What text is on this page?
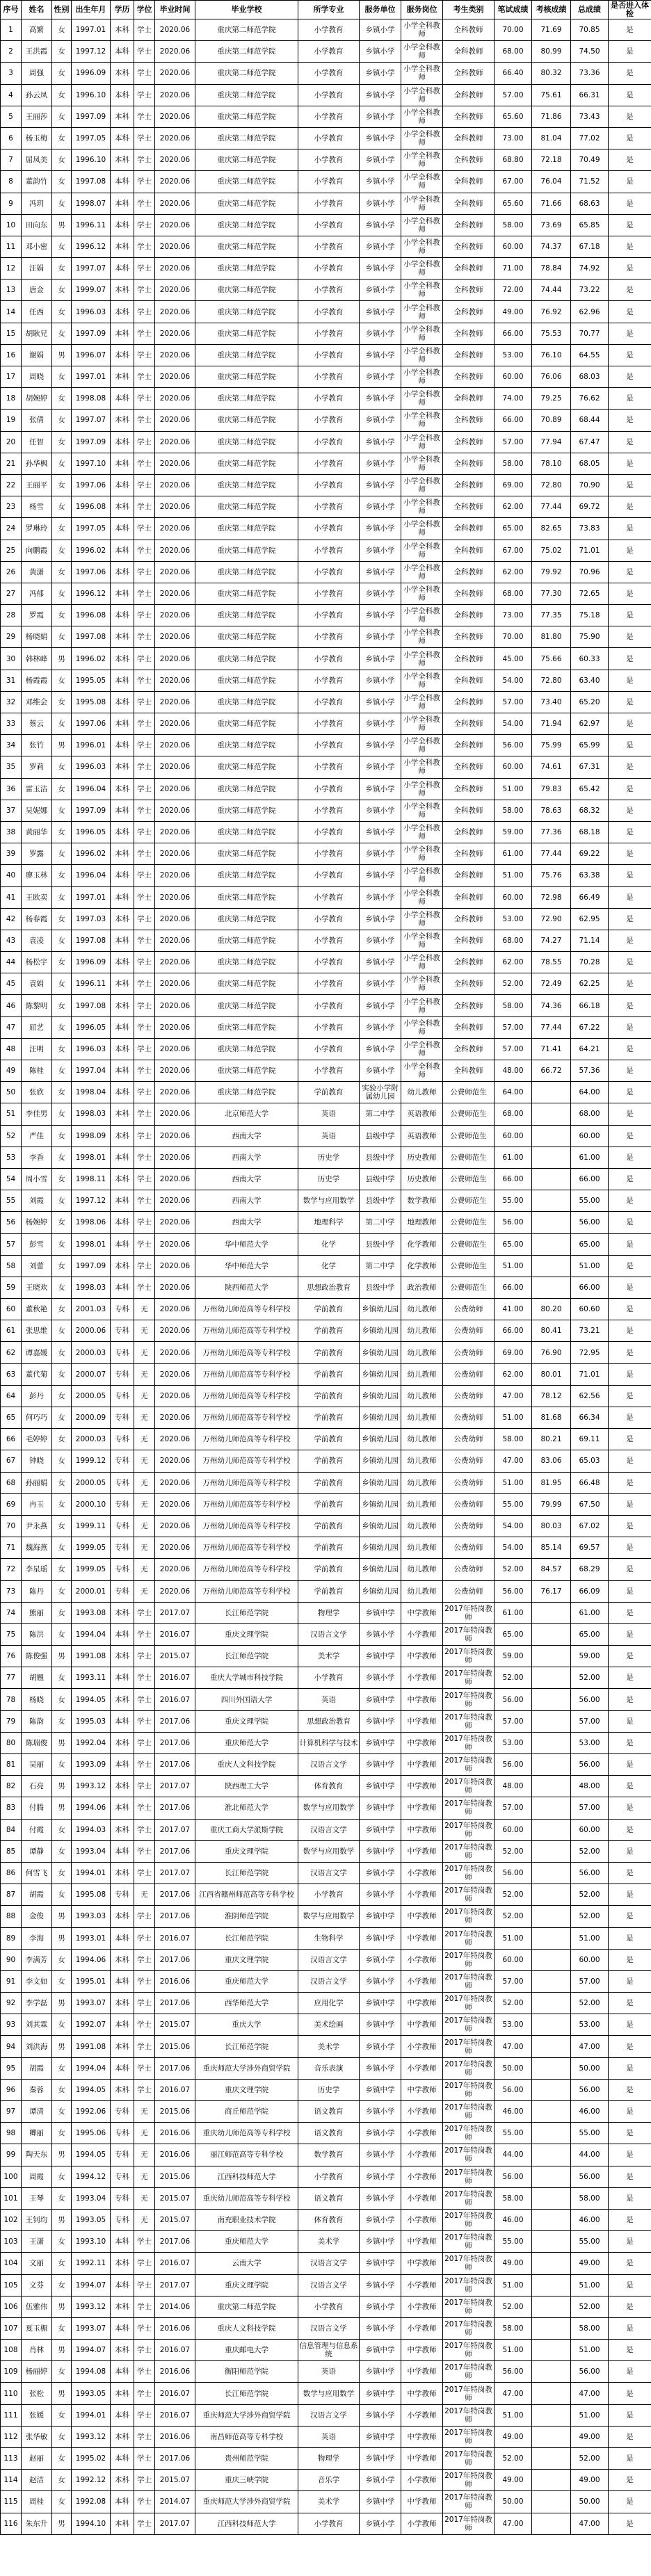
序号	姓名	性别	出生年月	学历	学位	毕业时间	毕业学校	所学专业	服务单位	服务岗位	考生类别	笔试成绩	考核成绩	总成绩	是否进入体检
1	高繁	女	1997.01	本科	学士	2020.06	重庆第二师范学院	小学教育	乡镇小学	小学全科教师	全科教师	70.00	71.69	70.85	是
2	王洪霞	女	1997.12	本科	学士	2020.06	重庆第二师范学院	小学教育	乡镇小学	小学全科教师	全科教师	68.00	80.99	74.50	是
3	周强	女	1996.09	本科	学士	2020.06	重庆第二师范学院	小学教育	乡镇小学	小学全科教师	全科教师	66.40	80.32	73.36	是
4	孙云凤	女	1996.10	本科	学士	2020.06	重庆第二师范学院	小学教育	乡镇小学	小学全科教师	全科教师	57.00	75.61	66.31	是
5	王丽莎	女	1997.09	本科	学士	2020.06	重庆第二师范学院	小学教育	乡镇小学	小学全科教师	全科教师	65.60	71.86	73.43	是
6	杨玉梅	女	1997.05	本科	学士	2020.06	重庆第二师范学院	小学教育	乡镇小学	小学全科教师	全科教师	73.00	81.04	77.02	是
7	屈凤美	女	1996.10	本科	学士	2020.06	重庆第二师范学院	小学教育	乡镇小学	小学全科教师	全科教师	68.80	72.18	70.49	是
8	董韵竹	女	1997.08	本科	学士	2020.06	重庆第二师范学院	小学教育	乡镇小学	小学全科教师	全科教师	67.00	76.04	71.52	是
9	冯玥	女	1998.07	本科	学士	2020.06	重庆第二师范学院	小学教育	乡镇小学	小学全科教师	全科教师	65.60	71.66	68.63	是
10	田向东	男	1996.11	本科	学士	2020.06	重庆第二师范学院	小学教育	乡镇小学	小学全科教师	全科教师	58.00	73.69	65.85	是
11	邓小密	女	1996.12	本科	学士	2020.06	重庆第二师范学院	小学教育	乡镇小学	小学全科教师	全科教师	60.00	74.37	67.18	是
12	汪娟	女	1997.07	本科	学士	2020.06	重庆第二师范学院	小学教育	乡镇小学	小学全科教师	全科教师	71.00	78.84	74.92	是
13	唐金	女	1999.07	本科	学士	2020.06	重庆第二师范学院	小学教育	乡镇小学	小学全科教师	全科教师	72.00	74.44	73.22	是
14	任西	女	1996.03	本科	学士	2020.06	重庆第二师范学院	小学教育	乡镇小学	小学全科教师	全科教师	49.00	76.92	62.96	是
15	胡耿兄	女	1997.09	本科	学士	2020.06	重庆第二师范学院	小学教育	乡镇小学	小学全科教师	全科教师	66.00	75.53	70.77	是
16	谢娟	男	1996.07	本科	学士	2020.06	重庆第二师范学院	小学教育	乡镇小学	小学全科教师	全科教师	53.00	76.10	64.55	是
17	周晓	女	1997.01	本科	学士	2020.06	重庆第二师范学院	小学教育	乡镇小学	小学全科教师	全科教师	60.00	76.06	68.03	是
18	胡婉婷	女	1998.08	本科	学士	2020.06	重庆第二师范学院	小学教育	乡镇小学	小学全科教师	全科教师	74.00	79.25	76.62	是
19	张倩	女	1997.07	本科	学士	2020.06	重庆第二师范学院	小学教育	乡镇小学	小学全科教师	全科教师	66.00	70.89	68.44	是
20	任智	女	1997.09	本科	学士	2020.06	重庆第二师范学院	小学教育	乡镇小学	小学全科教师	全科教师	57.00	77.94	67.47	是
21	孙华枫	女	1997.10	本科	学士	2020.06	重庆第二师范学院	小学教育	乡镇小学	小学全科教师	全科教师	58.00	78.10	68.05	是
22	王丽平	女	1997.06	本科	学士	2020.06	重庆第二师范学院	小学教育	乡镇小学	小学全科教师	全科教师	69.00	72.80	70.90	是
23	杨雪	女	1996.08	本科	学士	2020.06	重庆第二师范学院	小学教育	乡镇小学	小学全科教师	全科教师	62.00	77.44	69.72	是
24	罗琳玲	女	1997.05	本科	学士	2020.06	重庆第二师范学院	小学教育	乡镇小学	小学全科教师	全科教师	65.00	82.65	73.83	是
25	向鹏霞	女	1996.02	本科	学士	2020.06	重庆第二师范学院	小学教育	乡镇小学	小学全科教师	全科教师	67.00	75.02	71.01	是
26	黄潇	女	1997.06	本科	学士	2020.06	重庆第二师范学院	小学教育	乡镇小学	小学全科教师	全科教师	62.00	79.92	70.96	是
27	冯郁	女	1996.12	本科	学士	2020.06	重庆第二师范学院	小学教育	乡镇小学	小学全科教师	全科教师	68.00	77.30	72.65	是
28	罗霞	女	1996.08	本科	学士	2020.06	重庆第二师范学院	小学教育	乡镇小学	小学全科教师	全科教师	73.00	77.35	75.18	是
29	杨晓娟	女	1997.08	本科	学士	2020.06	重庆第二师范学院	小学教育	乡镇小学	小学全科教师	全科教师	70.00	81.80	75.90	是
30	韩林峰	男	1996.02	本科	学士	2020.06	重庆第二师范学院	小学教育	乡镇小学	小学全科教师	全科教师	45.00	75.66	60.33	是
31	杨霞霞	女	1995.05	本科	学士	2020.06	重庆第二师范学院	小学教育	乡镇小学	小学全科教师	全科教师	54.00	72.80	63.40	是
32	邓维会	女	1995.08	本科	学士	2020.06	重庆第二师范学院	小学教育	乡镇小学	小学全科教师	全科教师	57.00	73.40	65.20	是
33	蔡云	女	1997.06	本科	学士	2020.06	重庆第二师范学院	小学教育	乡镇小学	小学全科教师	全科教师	54.00	71.94	62.97	是
34	张竹	男	1996.01	本科	学士	2020.06	重庆第二师范学院	小学教育	乡镇小学	小学全科教师	全科教师	56.00	75.99	65.99	是
35	罗莉	女	1996.03	本科	学士	2020.06	重庆第二师范学院	小学教育	乡镇小学	小学全科教师	全科教师	60.00	74.61	67.31	是
36	雷玉洁	女	1996.04	本科	学士	2020.06	重庆第二师范学院	小学教育	乡镇小学	小学全科教师	全科教师	51.00	79.83	65.42	是
37	吴妮娜	女	1997.09	本科	学士	2020.06	重庆第二师范学院	小学教育	乡镇小学	小学全科教师	全科教师	58.00	78.63	68.32	是
38	黄丽华	女	1996.05	本科	学士	2020.06	重庆第二师范学院	小学教育	乡镇小学	小学全科教师	全科教师	59.00	77.36	68.18	是
39	罗露	女	1996.02	本科	学士	2020.06	重庆第二师范学院	小学教育	乡镇小学	小学全科教师	全科教师	61.00	77.44	69.22	是
40	廖玉林	女	1996.04	本科	学士	2020.06	重庆第二师范学院	小学教育	乡镇小学	小学全科教师	全科教师	51.00	75.76	63.38	是
41	王欧卖	女	1997.01	本科	学士	2020.06	重庆第二师范学院	小学教育	乡镇小学	小学全科教师	全科教师	60.00	72.98	66.49	是
42	杨春霞	女	1997.03	本科	学士	2020.06	重庆第二师范学院	小学教育	乡镇小学	小学全科教师	全科教师	53.00	72.90	62.95	是
43	袁凌	女	1997.08	本科	学士	2020.06	重庆第二师范学院	小学教育	乡镇小学	小学全科教师	全科教师	68.00	74.27	71.14	是
44	杨松宇	女	1996.09	本科	学士	2020.06	重庆第二师范学院	小学教育	乡镇小学	小学全科教师	全科教师	62.00	78.55	70.28	是
45	袁娟	女	1996.11	本科	学士	2020.06	重庆第二师范学院	小学教育	乡镇小学	小学全科教师	全科教师	52.00	72.49	62.25	是
46	陈黎明	女	1997.08	本科	学士	2020.06	重庆第二师范学院	小学教育	乡镇小学	小学全科教师	全科教师	58.00	74.36	66.18	是
47	屈艺	女	1996.05	本科	学士	2020.06	重庆第二师范学院	小学教育	乡镇小学	小学全科教师	全科教师	57.00	77.44	67.22	是
48	汪明	女	1996.03	本科	学士	2020.06	重庆第二师范学院	小学教育	乡镇小学	小学全科教师	全科教师	57.00	71.41	64.21	是
49	陈桂	女	1997.04	本科	学士	2020.06	重庆第二师范学院	小学教育	乡镇小学	小学全科教师	全科教师	48.00	66.72	57.36	是
50	张欣	女	1998.04	本科	学士	2020.06	重庆第二师范学院	学前教育	实验小学附属幼儿园	幼儿教师	公费师范生	64.00		64.00	是
51	李佳男	女	1998.03	本科	学士	2020.06	北京师范大学	英语	第二中学	英语教师	公费师范生	68.00		68.00	是
52	严佳	女	1998.09	本科	学士	2020.06	西南大学	英语	县级中学	英语教师	公费师范生	60.00		60.00	是
53	李香	女	1998.01	本科	学士	2020.06	西南大学	历史学	县级中学	历史教师	公费师范生	61.00		61.00	是
54	周小雪	女	1998.11	本科	学士	2020.06	西南大学	历史学	县级中学	历史教师	公费师范生	66.00		66.00	是
55	刘霞	女	1997.12	本科	学士	2020.06	西南大学	数学与应用数学	县级中学	数学教师	公费师范生	55.00		55.00	是
56	杨婉婷	女	1998.06	本科	学士	2020.06	西南大学	地理科学	第二中学	地理教师	公费师范生	56.00		56.00	是
57	彭雪	女	1998.01	本科	学士	2020.06	华中师范大学	化学	县级中学	化学教师	公费师范生	65.00		65.00	是
58	刘蕾	女	1997.09	本科	学士	2020.06	华中师范大学	化学	第二中学	化学教师	公费师范生	51.00		51.00	是
59	王晓欢	女	1998.03	本科	学士	2020.06	陕西师范大学	思想政治教育	县级中学	政治教师	公费师范生	66.00		66.00	是
60	董秋艳	女	2001.03	专科	无	2020.06	万州幼儿师范高等专科学校	学前教育	乡镇幼儿园	幼儿教师	公费幼师	41.00	80.20	60.60	是
61	张思维	女	2000.06	专科	无	2020.06	万州幼儿师范高等专科学校	学前教育	乡镇幼儿园	幼儿教师	公费幼师	66.00	80.41	73.21	是
62	谭嘉媛	女	2000.03	专科	无	2020.06	万州幼儿师范高等专科学校	学前教育	乡镇幼儿园	幼儿教师	公费幼师	69.00	76.90	72.95	是
63	董代菊	女	2000.07	专科	无	2020.06	万州幼儿师范高等专科学校	学前教育	乡镇幼儿园	幼儿教师	公费幼师	62.00	80.01	71.01	是
64	彭丹	女	2000.05	专科	无	2020.06	万州幼儿师范高等专科学校	学前教育	乡镇幼儿园	幼儿教师	公费幼师	47.00	78.12	62.56	是
65	何巧巧	女	2000.09	专科	无	2020.06	万州幼儿师范高等专科学校	学前教育	乡镇幼儿园	幼儿教师	公费幼师	51.00	81.68	66.34	是
66	毛婷婷	女	2000.03	专科	无	2020.06	万州幼儿师范高等专科学校	学前教育	乡镇幼儿园	幼儿教师	公费幼师	58.00	80.21	69.11	是
67	钟晓	女	1999.12	专科	无	2020.06	万州幼儿师范高等专科学校	学前教育	乡镇幼儿园	幼儿教师	公费幼师	47.00	83.06	65.03	是
68	孙丽娟	女	2000.05	专科	无	2020.06	万州幼儿师范高等专科学校	学前教育	乡镇幼儿园	幼儿教师	公费幼师	51.00	81.95	66.48	是
69	冉玉	女	2000.10	专科	无	2020.06	万州幼儿师范高等专科学校	学前教育	乡镇幼儿园	幼儿教师	公费幼师	55.00	79.99	67.50	是
70	尹永燕	女	1999.11	专科	无	2020.06	万州幼儿师范高等专科学校	学前教育	乡镇幼儿园	幼儿教师	公费幼师	54.00	80.03	67.02	是
71	魏海燕	女	1999.05	专科	无	2020.06	万州幼儿师范高等专科学校	学前教育	乡镇幼儿园	幼儿教师	公费幼师	54.00	85.14	69.57	是
72	李星瑶	女	1999.05	专科	无	2020.06	万州幼儿师范高等专科学校	学前教育	乡镇幼儿园	幼儿教师	公费幼师	52.00	84.57	68.29	是
73	陈丹	女	2000.01	专科	无	2020.06	万州幼儿师范高等专科学校	学前教育	乡镇幼儿园	幼儿教师	公费幼师	56.00	76.17	66.09	是
74	熊丽	女	1993.08	本科	学士	2017.07	长江师范学院	物理学	乡镇中学	中学教师	2017年特岗教师	61.00		61.00	是
75	陈洪	女	1994.04	本科	学士	2016.07	重庆文理学院	汉语言文学	乡镇小学	小学教师	2017年特岗教师	65.00		65.00	是
76	陈俊强	男	1991.08	本科	学士	2015.07	长江师范学院	美术学	乡镇中学	中学教师	2017年特岗教师	59.00		59.00	是
77	胡翘	女	1993.11	本科	学士	2016.07	重庆大学城市科技学院	小学教育	乡镇小学	小学教师	2017年特岗教师	52.00		52.00	是
78	杨晓	女	1994.05	本科	学士	2016.07	四川外国语大学	英语	乡镇中学	中学教师	2017年特岗教师	56.00		56.00	是
79	陈韵	女	1995.03	本科	学士	2017.06	重庆文理学院	思想政治教育	乡镇中学	中学教师	2017年特岗教师	57.00		57.00	是
80	陈瑞俊	男	1992.04	本科	学士	2017.06	重庆师范大学	计算机科学与技术	乡镇中学	中学教师	2017年特岗教师	53.00		53.00	是
81	吴丽	女	1993.09	本科	学士	2017.06	重庆人文科技学院	汉语言文学	乡镇中学	中学教师	2017年特岗教师	56.00		56.00	是
82	石亮	男	1993.12	本科	学士	2017.07	陕西理工大学	体育教育	乡镇中学	中学教师	2017年特岗教师	48.00		48.00	是
83	付腾	男	1994.06	本科	学士	2017.06	淮北师范大学	数学与应用数学	乡镇中学	中学教师	2017年特岗教师	57.00		57.00	是
84	付霞	女	1994.03	本科	学士	2017.07	重庆工商大学派斯学院	汉语言文学	乡镇中学	中学教师	2017年特岗教师	60.00		60.00	是
85	谭静	女	1993.04	本科	学士	2017.06	重庆文理学院	数学与应用数学	乡镇中学	中学教师	2017年特岗教师	52.00		52.00	是
86	何雪飞	女	1994.01	本科	学士	2017.07	长江师范学院	汉语言文学	乡镇小学	小学教师	2017年特岗教师	56.00		56.00	是
87	胡霞	女	1995.08	专科	无	2017.06	江西省赣州师范高等专科学校	小学教育	乡镇小学	小学教师	2017年特岗教师	52.00		52.00	是
88	金俊	男	1993.03	本科	学士	2017.06	淮阴师范学院	数学与应用数学	乡镇中学	中学教师	2017年特岗教师	52.00		52.00	是
89	李海	男	1993.01	本科	学士	2016.07	长江师范学院	生物科学	乡镇中学	中学教师	2017年特岗教师	51.00		51.00	是
90	李满芳	女	1994.06	本科	学士	2017.06	重庆文理学院	汉语言文学	乡镇小学	小学教师	2017年特岗教师	60.00		60.00	是
91	李文如	女	1995.01	本科	学士	2016.06	重庆师范大学	汉语言文学	乡镇小学	小学教师	2017年特岗教师	57.00		57.00	是
92	李学磊	男	1993.07	本科	学士	2017.06	西华师范大学	应用化学	乡镇中学	中学教师	2017年特岗教师	52.00		52.00	是
93	刘其霖	女	1992.07	本科	学士	2015.07	重庆大学	美术绘画	乡镇中学	中学教师	2017年特岗教师	53.00		53.00	是
94	刘洪海	男	1991.08	本科	学士	2015.06	长江师范学院	美术学	乡镇小学	小学教师	2017年特岗教师	47.00		47.00	是
95	胡霞	女	1994.04	本科	学士	2017.06	重庆师范大学涉外商贸学院	音乐表演	乡镇小学	小学教师	2017年特岗教师	50.00		50.00	是
96	秦蓉	女	1994.05	本科	学士	2016.07	重庆文理学院	历史学	乡镇中学	中学教师	2017年特岗教师	56.00		56.00	是
97	谭清	女	1992.06	专科	无	2015.06	商丘师范学院	语文教育	乡镇小学	小学教师	2017年特岗教师	46.00		46.00	是
98	卿丽	女	1995.06	专科	无	2016.06	重庆幼儿师范高等专科学校	语文教育	乡镇小学	小学教师	2017年特岗教师	55.00		55.00	是
99	陶天东	男	1994.05	专科	无	2016.06	丽江师范高等专科学校	数学教育	乡镇小学	小学教师	2017年特岗教师	44.00		44.00	是
100	周霞	女	1994.12	专科	无	2015.06	江西科技师范大学	小学教育	乡镇小学	小学教师	2017年特岗教师	56.00		56.00	是
101	王琴	女	1993.04	专科	无	2015.07	重庆幼儿师范高等专科学校	语文教育	乡镇小学	小学教师	2017年特岗教师	58.00		58.00	是
102	王钊均	男	1993.05	专科	无	2015.07	南充职业技术学院	体育教育	乡镇小学	小学教师	2017年特岗教师	46.00		46.00	是
103	王潇	女	1993.10	本科	学士	2017.06	重庆师范大学	美术学	乡镇中学	中学教师	2017年特岗教师	55.00		55.00	是
104	文丽	女	1992.11	本科	学士	2016.07	云南大学	汉语言文学	乡镇中学	中学教师	2017年特岗教师	49.00		49.00	是
105	文芬	女	1994.07	本科	学士	2017.07	重庆文理学院	汉语言文学	乡镇小学	小学教师	2017年特岗教师	51.00		51.00	是
106	伍雅伟	男	1993.12	本科	学士	2014.06	重庆第二师范学院	小学教育	乡镇小学	小学教师	2017年特岗教师	52.00		52.00	是
107	夏玉楣	女	1993.07	本科	学士	2016.06	重庆人文科技学院	汉语言文学	乡镇小学	小学教师	2017年特岗教师	58.00		58.00	是
108	肖林	男	1994.07	本科	学士	2016.07	重庆邮电大学	信息管理与信息系统	乡镇中学	中学教师	2017年特岗教师	51.00		51.00	是
109	杨丽婷	女	1994.08	本科	学士	2016.06	衡阳师范学院	英语	乡镇中学	中学教师	2017年特岗教师	56.00		56.00	是
110	张松	男	1993.05	本科	学士	2016.07	长江师范学院	数学与应用数学	乡镇中学	中学教师	2017年特岗教师	47.00		47.00	是
111	张媛	女	1994.01	本科	学士	2016.07	重庆师范大学涉外商贸学院	汉语言文学	乡镇小学	小学教师	2017年特岗教师	51.00		51.00	是
112	张华敏	女	1993.12	本科	学士	2016.06	南昌师范高等专科学校	英语	乡镇中学	中学教师	2017年特岗教师	49.00		49.00	是
113	赵丽	女	1995.02	本科	学士	2017.06	贵州师范学院	物理学	乡镇中学	中学教师	2017年特岗教师	52.00		52.00	是
114	赵洁	女	1992.12	本科	学士	2015.07	重庆三峡学院	音乐学	乡镇小学	小学教师	2017年特岗教师	49.00		49.00	是
115	周桂	女	1992.08	本科	学士	2014.07	重庆师范大学涉外商贸学院	美术学	乡镇中学	中学教师	2017年特岗教师	50.00		50.00	是
116	朱东升	男	1994.10	本科	学士	2017.07	江西科技师范大学	小学教育	乡镇小学	小学教师	2017年特岗教师	47.00		47.00	是
